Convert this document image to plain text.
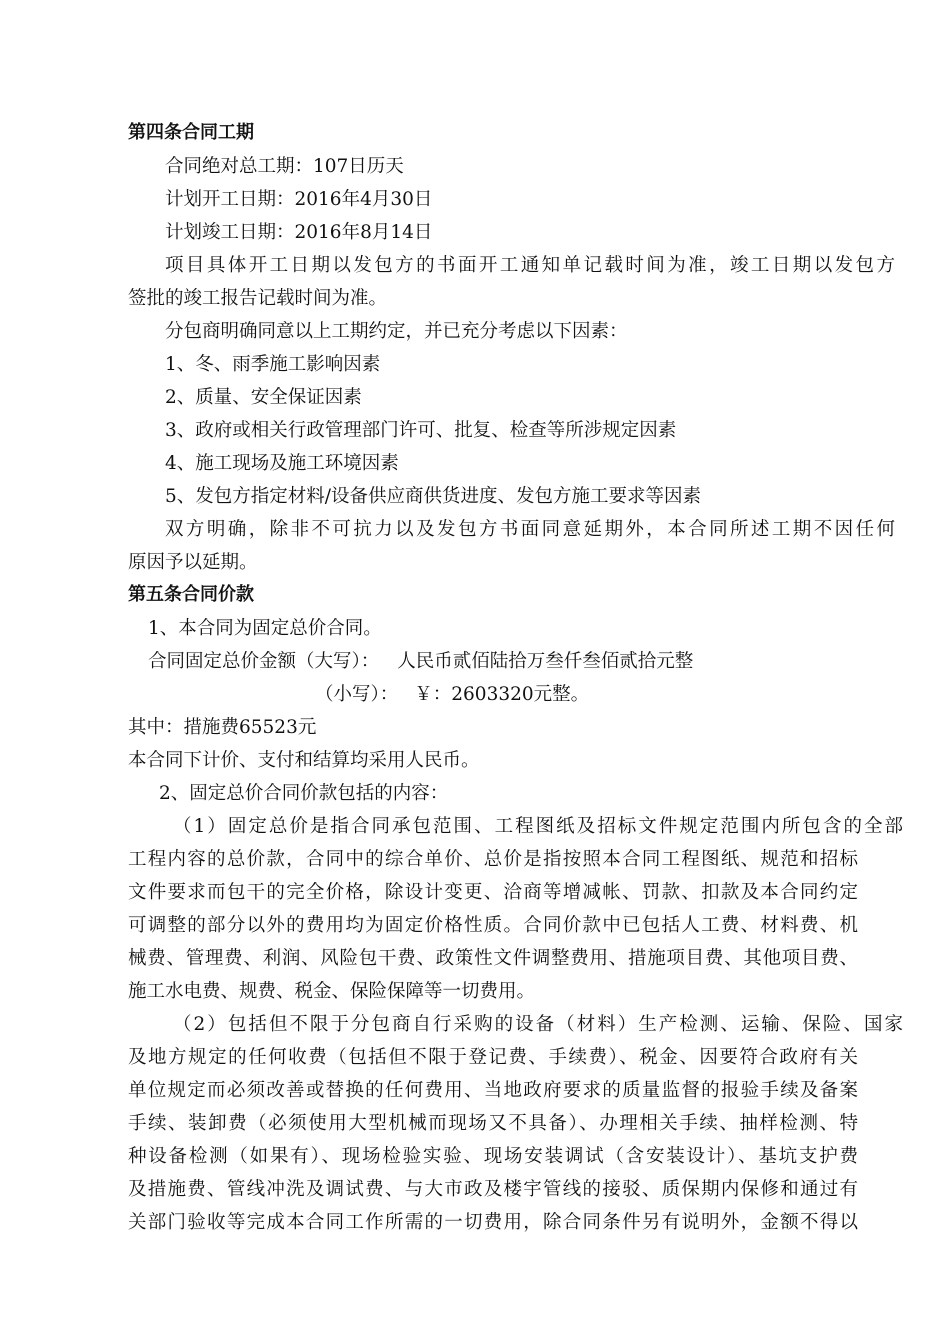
第四条合同工期
合同绝对总工期：107日历天
计划开工日期：2016年4月30日
计划竣工日期：2016年8月14日
项目具体开工日期以发包方的书面开工通知单记载时间为准，竣工日期以发包方
签批的竣工报告记载时间为准。
分包商明确同意以上工期约定，并已充分考虑以下因素：
1、冬、雨季施工影响因素
2、质量、安全保证因素
3、政府或相关行政管理部门许可、批复、检查等所涉规定因素
4、施工现场及施工环境因素
5、发包方指定材料/设备供应商供货进度、发包方施工要求等因素
双方明确，除非不可抗力以及发包方书面同意延期外，本合同所述工期不因任何
原因予以延期。
第五条合同价款
1、本合同为固定总价合同。
合同固定总价金额（大写）： 人民币贰佰陆拾万叁仟叁佰贰拾元整
（小写）： ￥：2603320元整。
其中：措施费65523元
本合同下计价、支付和结算均采用人民币。
2、固定总价合同价款包括的内容：
（1）固定总价是指合同承包范围、工程图纸及招标文件规定范围内所包含的全部
工程内容的总价款，合同中的综合单价、总价是指按照本合同工程图纸、规范和招标
文件要求而包干的完全价格，除设计变更、洽商等增减帐、罚款、扣款及本合同约定
可调整的部分以外的费用均为固定价格性质。合同价款中已包括人工费、材料费、机
械费、管理费、利润、风险包干费、政策性文件调整费用、措施项目费、其他项目费、
施工水电费、规费、税金、保险保障等一切费用。
（2）包括但不限于分包商自行采购的设备（材料）生产检测、运输、保险、国家
及地方规定的任何收费（包括但不限于登记费、手续费）、税金、因要符合政府有关
单位规定而必须改善或替换的任何费用、当地政府要求的质量监督的报验手续及备案
手续、装卸费（必须使用大型机械而现场又不具备）、办理相关手续、抽样检测、特
种设备检测（如果有）、现场检验实验、现场安装调试（含安装设计）、基坑支护费
及措施费、管线冲洗及调试费、与大市政及楼宇管线的接驳、质保期内保修和通过有
关部门验收等完成本合同工作所需的一切费用，除合同条件另有说明外，金额不得以
